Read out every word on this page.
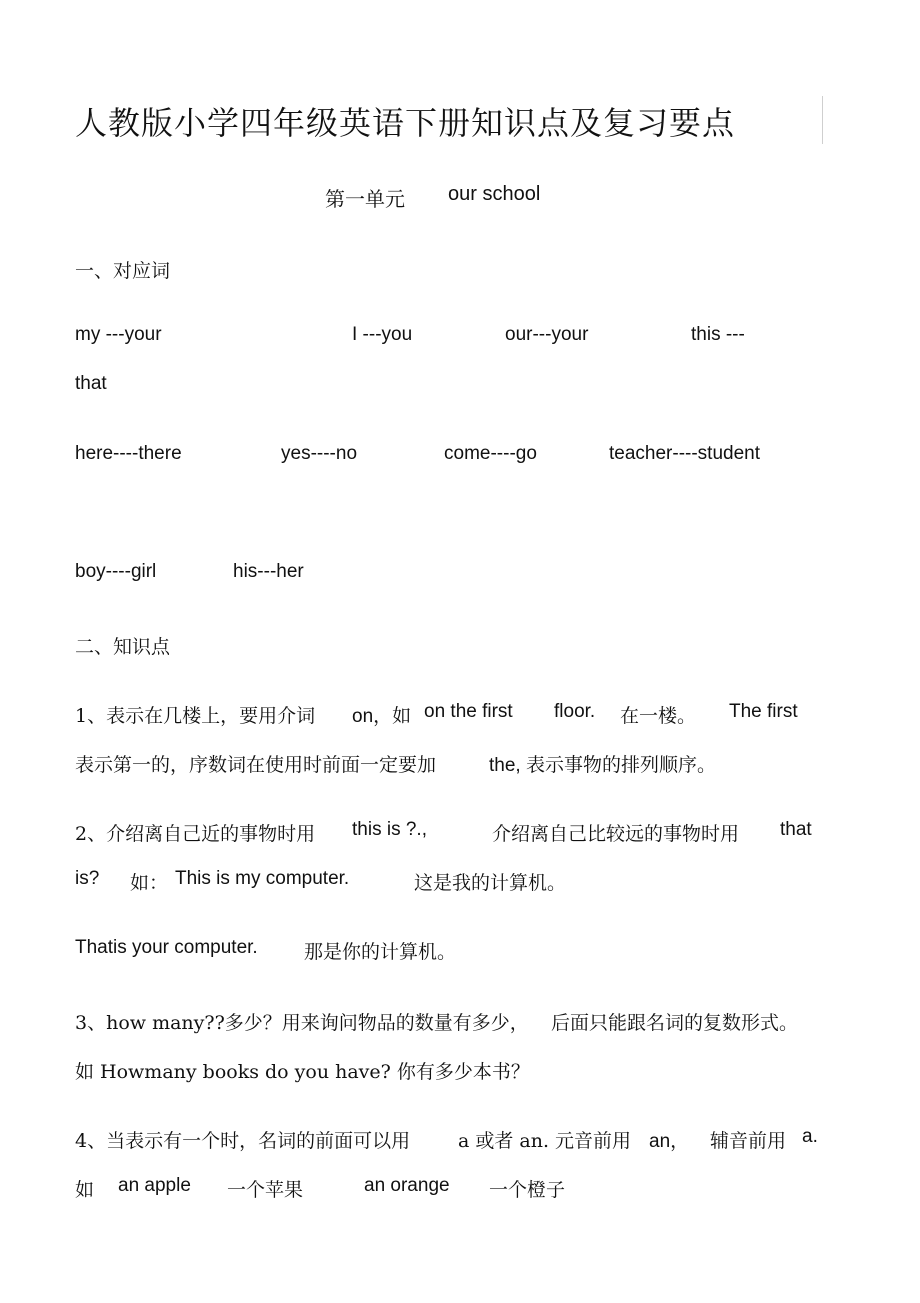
人教版小学四年级英语下册知识点及复习要点
第一单元 our school
一、对应词
my ---your	I ---you	our---your	this ---
that
here----there	yes----no	come----go	teacher----student
boy----girl	his---her
二、知识点
1、表示在几楼上，要用介词 on，如 on the first floor. 在一楼。 The first
表示第一的，序数词在使用时前面一定要加	the, 表示事物的排列顺序。
2、介绍离自己近的事物时用 this is ?.,	介绍离自己比较远的事物时用 that
is? 如： This is my computer.	这是我的计算机。
Thatis your computer. 那是你的计算机。
3、how many??多少？用来询问物品的数量有多少， 后面只能跟名词的复数形式。
如 Howmany books do you have? 你有多少本书？
4、当表示有一个时，名词的前面可以用	a 或者 an. 元音前用 an， 辅音前用 a.
如 an apple 一个苹果	an orange 一个橙子
